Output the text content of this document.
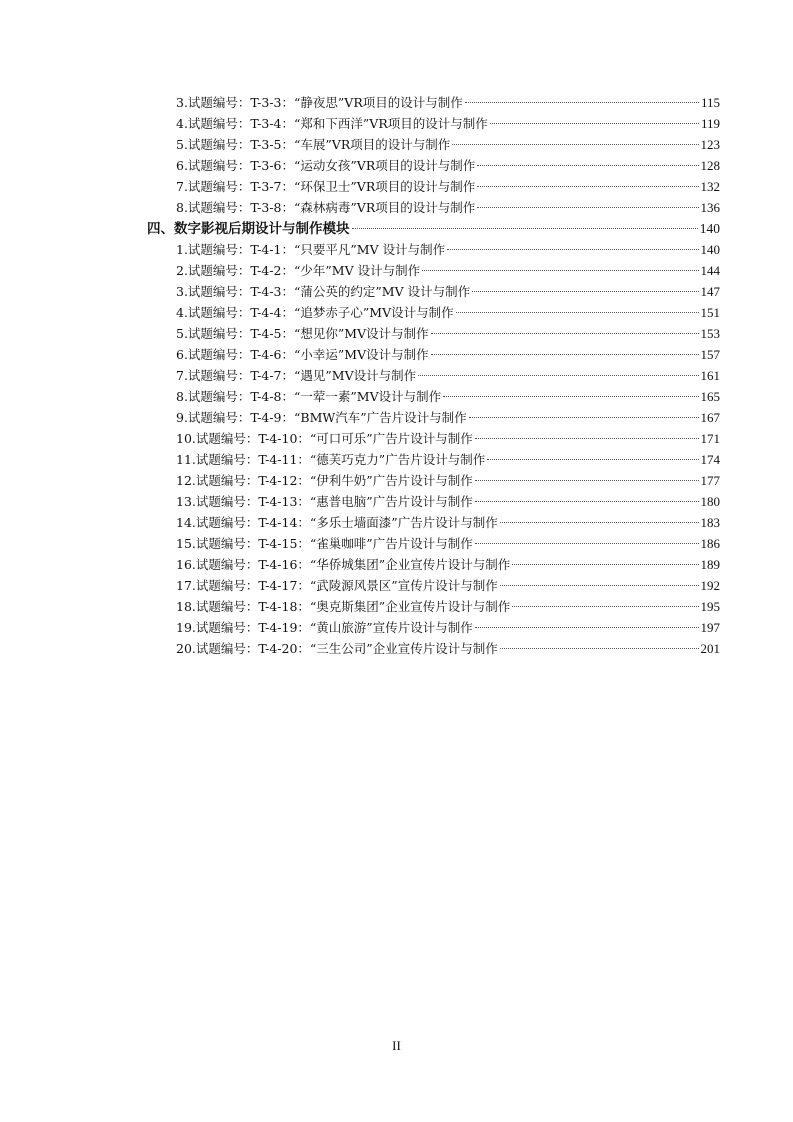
3.试题编号：T-3-3：“静夜思”VR项目的设计与制作	115
4.试题编号：T-3-4：“郑和下西洋”VR项目的设计与制作	119
5.试题编号：T-3-5：“车展”VR项目的设计与制作	123
6.试题编号：T-3-6：“运动女孩”VR项目的设计与制作	128
7.试题编号：T-3-7：“环保卫士”VR项目的设计与制作	132
8.试题编号：T-3-8：“森林病毒”VR项目的设计与制作	136
四、数字影视后期设计与制作模块	140
1.试题编号：T-4-1：“只要平凡”MV 设计与制作	140
2.试题编号：T-4-2：“少年”MV 设计与制作	144
3.试题编号：T-4-3：“蒲公英的约定”MV 设计与制作	147
4.试题编号：T-4-4：“追梦赤子心”MV设计与制作	151
5.试题编号：T-4-5：“想见你”MV设计与制作	153
6.试题编号：T-4-6：“小幸运”MV设计与制作	157
7.试题编号：T-4-7：“遇见”MV设计与制作	161
8.试题编号：T-4-8：“一荤一素”MV设计与制作	165
9.试题编号：T-4-9：“BMW汽车”广告片设计与制作	167
10.试题编号：T-4-10：“可口可乐”广告片设计与制作	171
11.试题编号：T-4-11：“德芙巧克力”广告片设计与制作	174
12.试题编号：T-4-12：“伊利牛奶”广告片设计与制作	177
13.试题编号：T-4-13：“惠普电脑”广告片设计与制作	180
14.试题编号：T-4-14：“多乐士墙面漆”广告片设计与制作	183
15.试题编号：T-4-15：“雀巢咖啡”广告片设计与制作	186
16.试题编号：T-4-16：“华侨城集团”企业宣传片设计与制作	189
17.试题编号：T-4-17：“武陵源风景区”宣传片设计与制作	192
18.试题编号：T-4-18：“奥克斯集团”企业宣传片设计与制作	195
19.试题编号：T-4-19：“黄山旅游”宣传片设计与制作	197
20.试题编号：T-4-20：“三生公司”企业宣传片设计与制作	201
II
